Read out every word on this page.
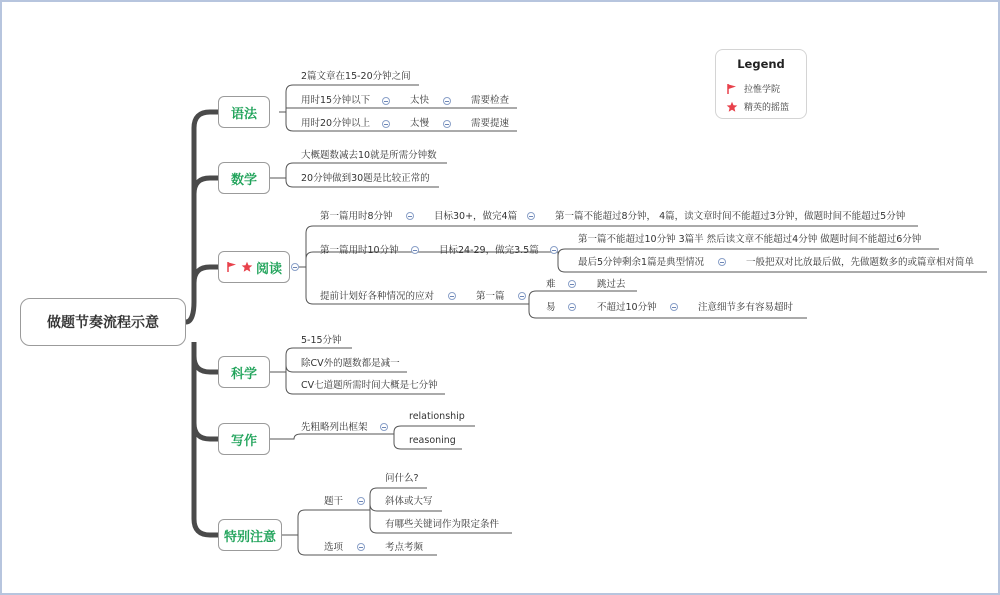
做题节奏流程示意
语法
数学
阅读
科学
写作
特别注意
2篇文章在15-20分钟之间
用时15分钟以下	太快	需要检查
用时20分钟以上	太慢	需要提速
大概题数减去10就是所需分钟数
20分钟做到30题是比较正常的
第一篇用时8分钟	目标30+，做完4篇	第一篇不能超过8分钟， 4篇，读文章时间不能超过3分钟，做题时间不能超过5分钟
第一篇用时10分钟	目标24-29，做完3.5篇
第一篇不能超过10分钟 3篇半 然后读文章不能超过4分钟 做题时间不能超过6分钟
最后5分钟剩余1篇是典型情况	一般把双对比放最后做，先做题数多的或篇章相对简单
提前计划好各种情况的应对	第一篇
难	跳过去
易	不超过10分钟	注意细节多有容易超时
5-15分钟
除CV外的题数都是减一
CV七道题所需时间大概是七分钟
先粗略列出框架
relationship
reasoning
题干
问什么?
斜体或大写
有哪些关键词作为限定条件
选项	考点考频
Legend
拉惟学院
精英的摇篮
